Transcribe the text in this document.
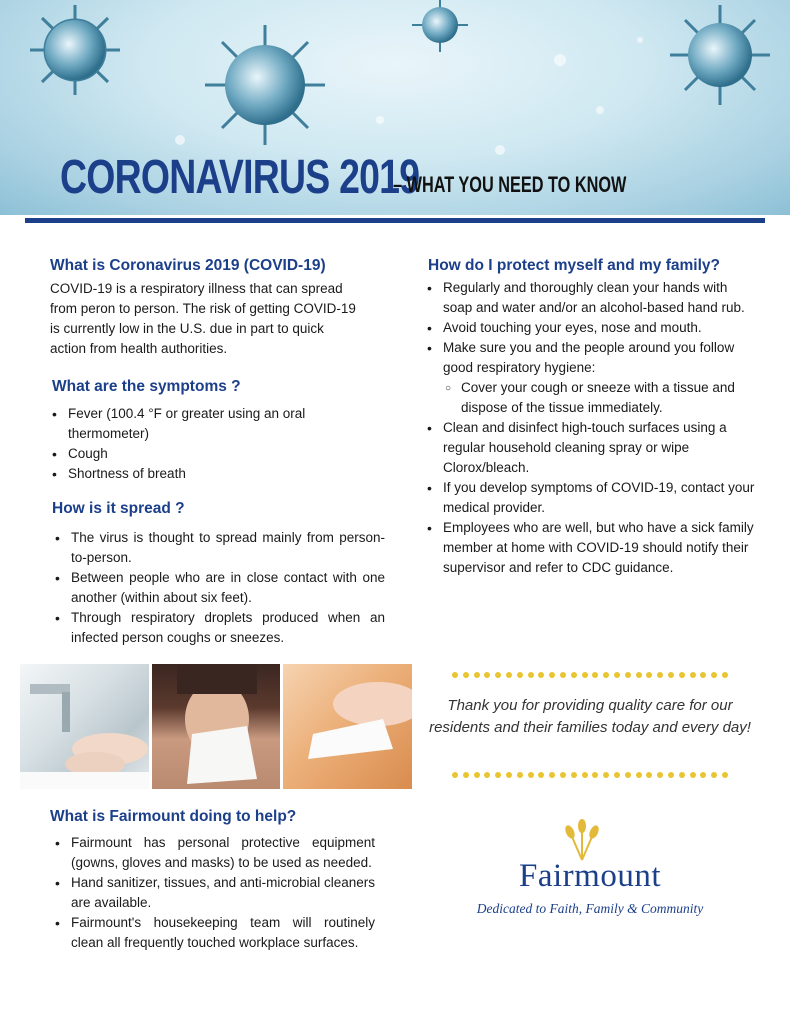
CORONAVIRUS 2019
– WHAT YOU NEED TO KNOW
What is Coronavirus 2019 (COVID-19)
COVID-19 is a respiratory illness that can spread
from peron to person. The risk of getting COVID-19
is currently low in the U.S. due in part to quick
action from health authorities.
What are the symptoms ?
• Fever (100.4 °F or greater using an oral thermometer)
• Cough
• Shortness of breath
How is it spread ?
• The virus is thought to spread mainly from person-to-person.
• Between people who are in close contact with one another (within about six feet).
• Through respiratory droplets produced when an infected person coughs or sneezes.
How do I protect myself and my family?
• Regularly and thoroughly clean your hands with soap and water and/or an alcohol-based hand rub.
• Avoid touching your eyes, nose and mouth.
• Make sure you and the people around you follow good respiratory hygiene:
○ Cover your cough or sneeze with a tissue and dispose of the tissue immediately.
• Clean and disinfect high-touch surfaces using a regular household cleaning spray or wipe Clorox/bleach.
• If you develop symptoms of COVID-19, contact your medical provider.
• Employees who are well, but who have a sick family member at home with COVID-19 should notify their supervisor and refer to CDC guidance.
Thank you for providing quality care for our residents and their families today and every day!
What is Fairmount doing to help?
• Fairmount has personal protective equipment (gowns, gloves and masks) to be used as needed.
• Hand sanitizer, tissues, and anti-microbial cleaners are available.
• Fairmount's housekeeping team will routinely clean all frequently touched workplace surfaces.
Fairmount
Dedicated to Faith, Family & Community
